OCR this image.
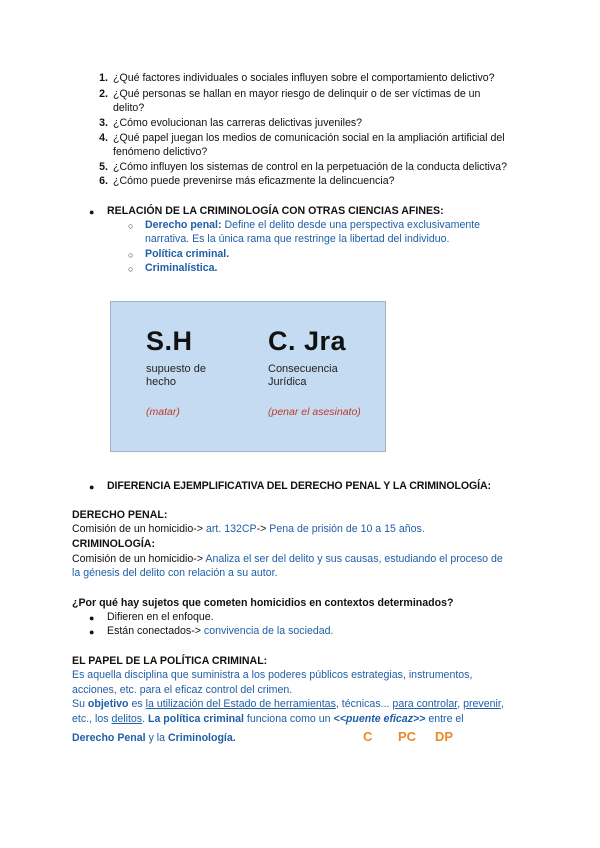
1. ¿Qué factores individuales o sociales influyen sobre el comportamiento delictivo?
2. ¿Qué personas se hallan en mayor riesgo de delinquir o de ser víctimas de un
delito?
3. ¿Cómo evolucionan las carreras delictivas juveniles?
4. ¿Qué papel juegan los medios de comunicación social en la ampliación artificial del
fenómeno delictivo?
5. ¿Cómo influyen los sistemas de control en la perpetuación de la conducta delictiva?
6. ¿Cómo puede prevenirse más eficazmente la delincuencia?
● RELACIÓN DE LA CRIMINOLOGÍA CON OTRAS CIENCIAS AFINES:
○ Derecho penal: Define el delito desde una perspectiva exclusivamente
narrativa. Es la única rama que restringe la libertad del individuo.
○ Política criminal.
○ Criminalística.
S.H
supuesto de
hecho
(matar)
C. Jra
Consecuencia
Jurídica
(penar el asesinato)
● DIFERENCIA EJEMPLIFICATIVA DEL DERECHO PENAL Y LA CRIMINOLOGÍA:
DERECHO PENAL:
Comisión de un homicidio-> art. 132CP-> Pena de prisión de 10 a 15 años.
CRIMINOLOGÍA:
Comisión de un homicidio-> Analiza el ser del delito y sus causas, estudiando el proceso de
la génesis del delito con relación a su autor.
¿Por qué hay sujetos que cometen homicidios en contextos determinados?
● Difieren en el enfoque.
● Están conectados-> convivencia de la sociedad.
EL PAPEL DE LA POLÍTICA CRIMINAL:
Es aquella disciplina que suministra a los poderes públicos estrategias, instrumentos,
acciones, etc. para el eficaz control del crimen.
Su objetivo es la utilización del Estado de herramientas, técnicas... para controlar, prevenir,
etc., los delitos. La política criminal funciona como un <<puente eficaz>> entre el
Derecho Penal y la Criminología.	C PC DP
